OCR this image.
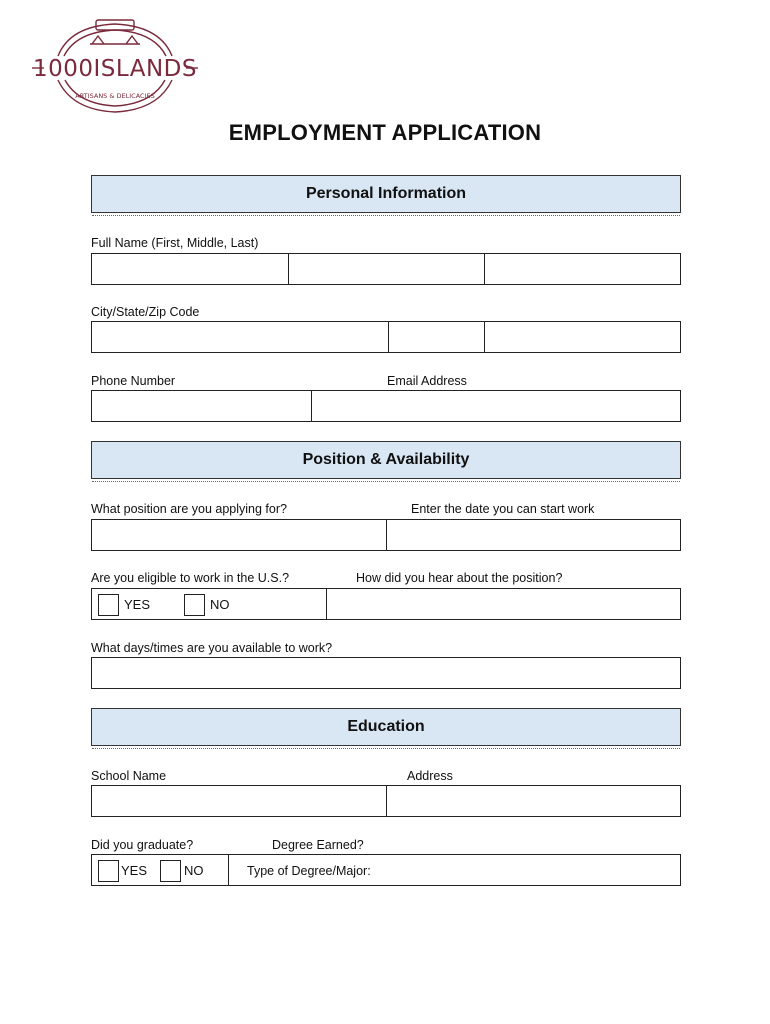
1000ISLANDS
ARTISANS & DELICACIES
EMPLOYMENT APPLICATION
Personal Information
Full Name (First, Middle, Last)
City/State/Zip Code
Phone Number	Email Address
Position & Availability
What position are you applying for?	Enter the date you can start work
Are you eligible to work in the U.S.?	How did you hear about the position?
YES	NO
What days/times are you available to work?
Education
School Name	Address
Did you graduate?	Degree Earned?
YES	NO	Type of Degree/Major:
